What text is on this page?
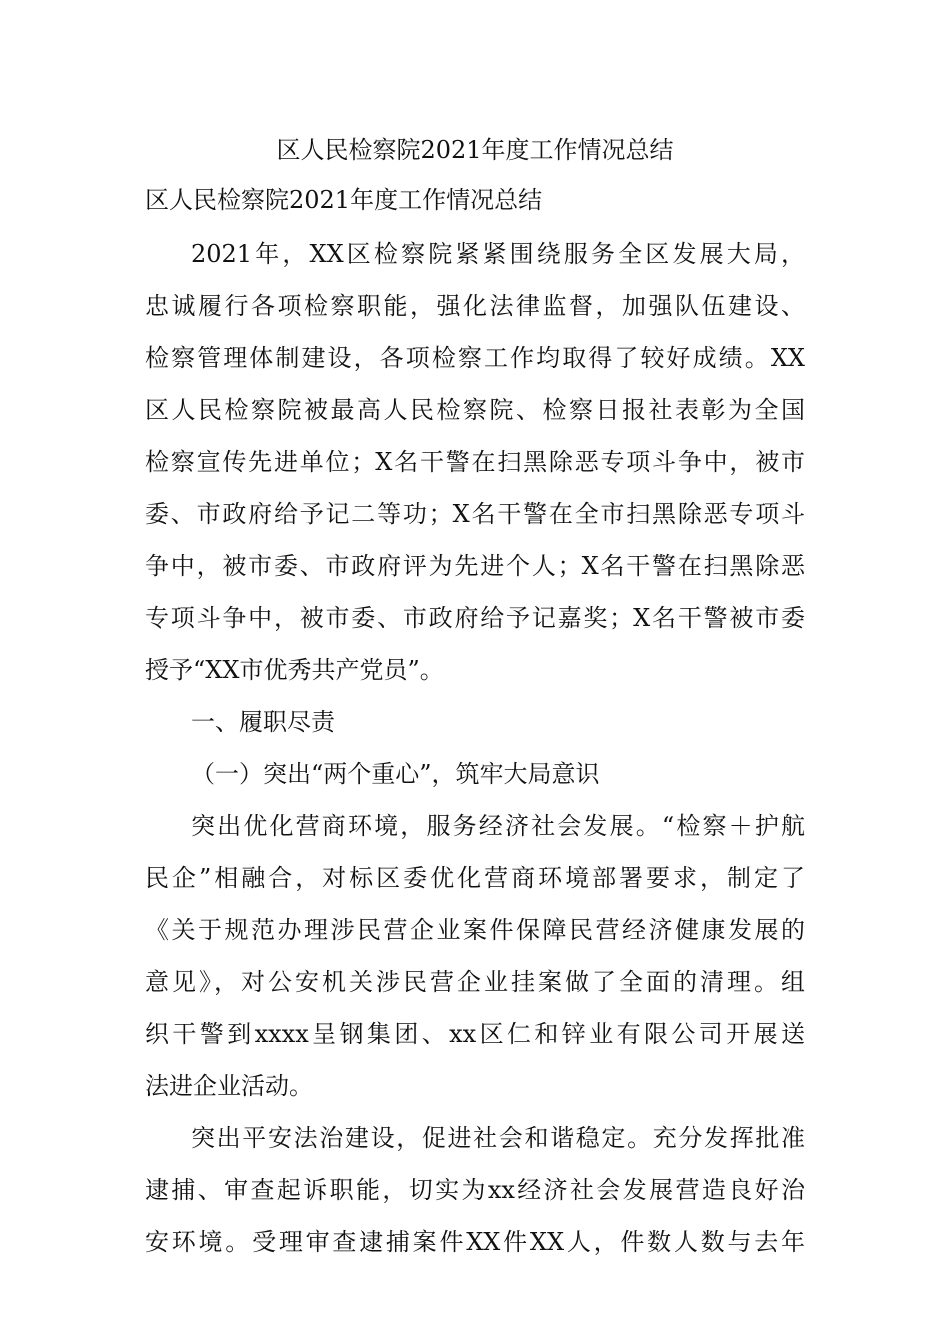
区人民检察院2021年度工作情况总结
区人民检察院2021年度工作情况总结
2021年，XX区检察院紧紧围绕服务全区发展大局，
忠诚履行各项检察职能，强化法律监督，加强队伍建设、
检察管理体制建设，各项检察工作均取得了较好成绩。XX
区人民检察院被最高人民检察院、检察日报社表彰为全国
检察宣传先进单位；X名干警在扫黑除恶专项斗争中，被市
委、市政府给予记二等功；X名干警在全市扫黑除恶专项斗
争中，被市委、市政府评为先进个人；X名干警在扫黑除恶
专项斗争中，被市委、市政府给予记嘉奖；X名干警被市委
授予“XX市优秀共产党员”。
一、履职尽责
（一）突出“两个重心”，筑牢大局意识
突出优化营商环境，服务经济社会发展。“检察＋护航
民企”相融合，对标区委优化营商环境部署要求，制定了
《关于规范办理涉民营企业案件保障民营经济健康发展的
意见》，对公安机关涉民营企业挂案做了全面的清理。组
织干警到xxxx呈钢集团、xx区仁和锌业有限公司开展送
法进企业活动。
突出平安法治建设，促进社会和谐稳定。充分发挥批准
逮捕、审查起诉职能，切实为xx经济社会发展营造良好治
安环境。受理审查逮捕案件XX件XX人，件数人数与去年
